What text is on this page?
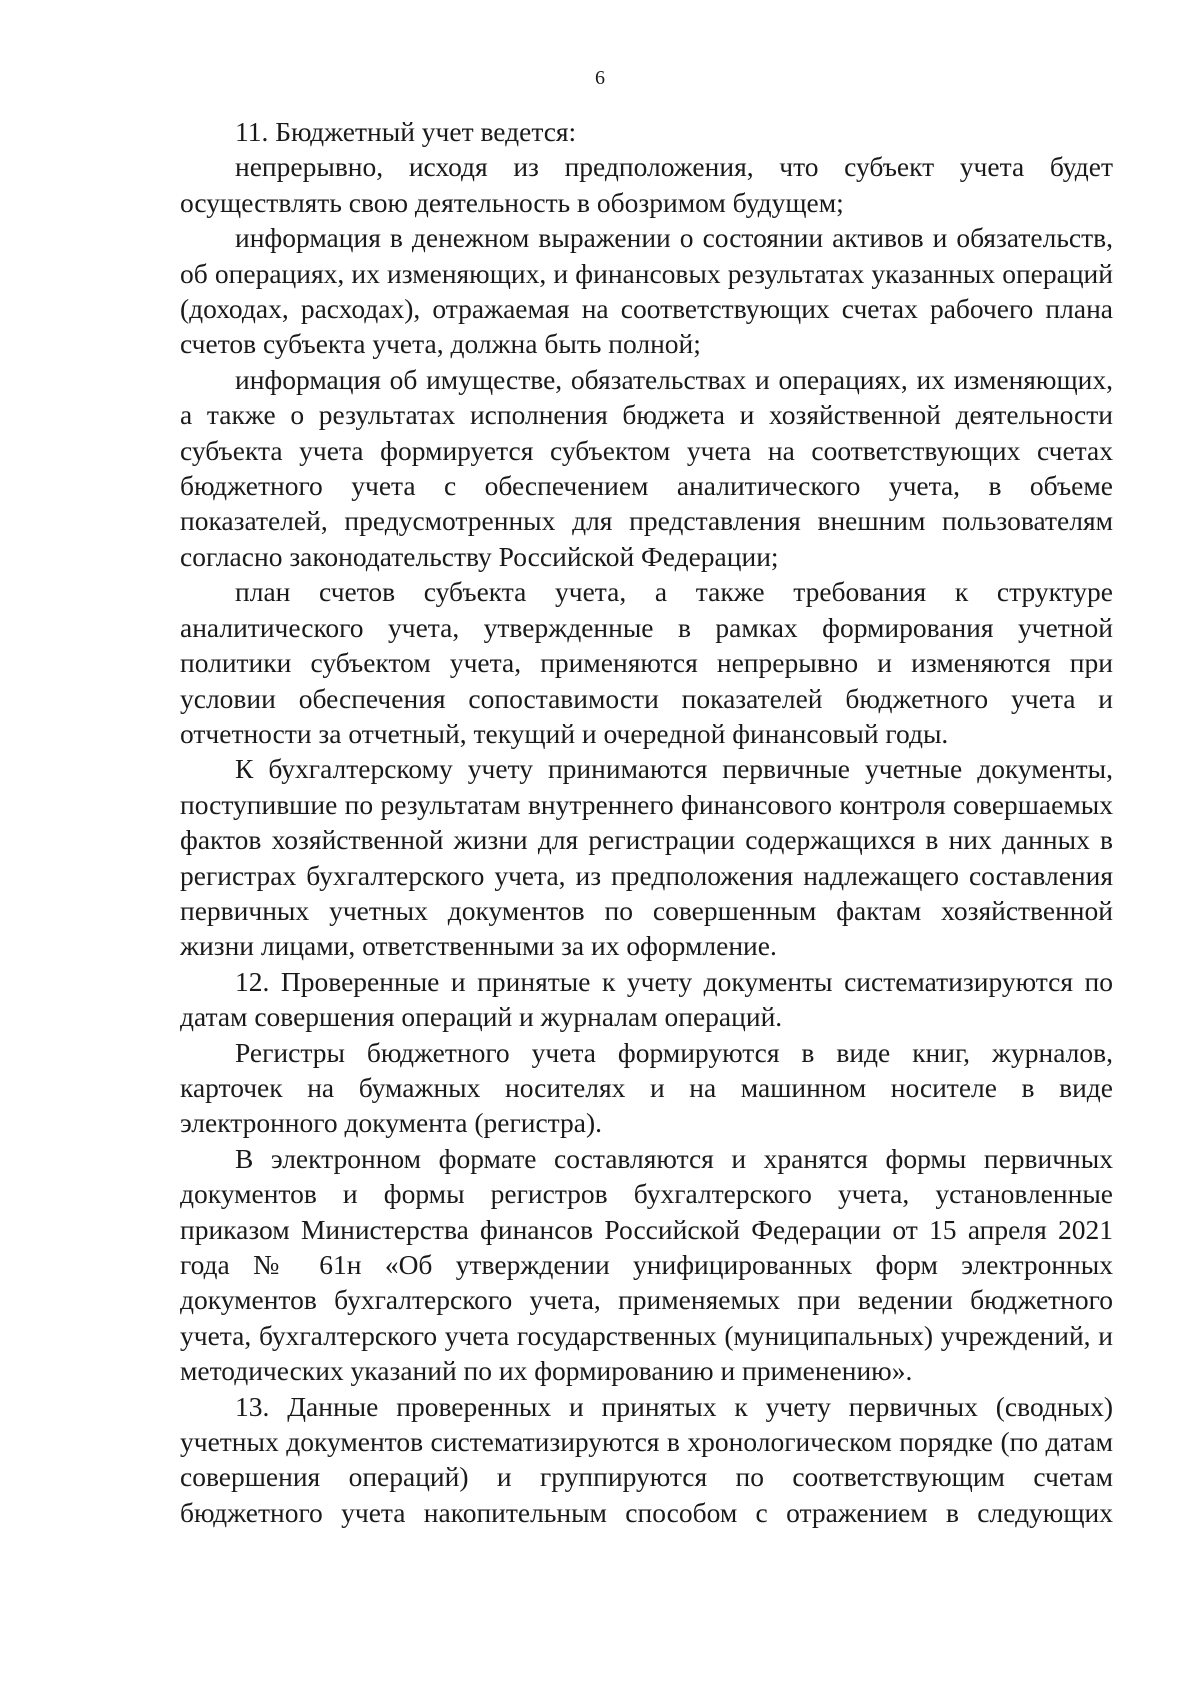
6

11. Бюджетный учет ведется:

непрерывно, исходя из предположения, что субъект учета будет осуществлять свою деятельность в обозримом будущем;

информация в денежном выражении о состоянии активов и обязательств, об операциях, их изменяющих, и финансовых результатах указанных операций (доходах, расходах), отражаемая на соответствующих счетах рабочего плана счетов субъекта учета, должна быть полной;

информация об имуществе, обязательствах и операциях, их изменяющих, а также о результатах исполнения бюджета и хозяйственной деятельности субъекта учета формируется субъектом учета на соответствующих счетах бюджетного учета с обеспечением аналитического учета, в объеме показателей, предусмотренных для представления внешним пользователям согласно законодательству Российской Федерации;

план счетов субъекта учета, а также требования к структуре аналитического учета, утвержденные в рамках формирования учетной политики субъектом учета, применяются непрерывно и изменяются при условии обеспечения сопоставимости показателей бюджетного учета и отчетности за отчетный, текущий и очередной финансовый годы.

К бухгалтерскому учету принимаются первичные учетные документы, поступившие по результатам внутреннего финансового контроля совершаемых фактов хозяйственной жизни для регистрации содержащихся в них данных в регистрах бухгалтерского учета, из предположения надлежащего составления первичных учетных документов по совершенным фактам хозяйственной жизни лицами, ответственными за их оформление.

12. Проверенные и принятые к учету документы систематизируются по датам совершения операций и журналам операций.

Регистры бюджетного учета формируются в виде книг, журналов, карточек на бумажных носителях и на машинном носителе в виде электронного документа (регистра).

В электронном формате составляются и хранятся формы первичных документов и формы регистров бухгалтерского учета, установленные приказом Министерства финансов Российской Федерации от 15 апреля 2021 года № 61н «Об утверждении унифицированных форм электронных документов бухгалтерского учета, применяемых при ведении бюджетного учета, бухгалтерского учета государственных (муниципальных) учреждений, и методических указаний по их формированию и применению».

13. Данные проверенных и принятых к учету первичных (сводных) учетных документов систематизируются в хронологическом порядке (по датам совершения операций) и группируются по соответствующим счетам бюджетного учета накопительным способом с отражением в следующих
